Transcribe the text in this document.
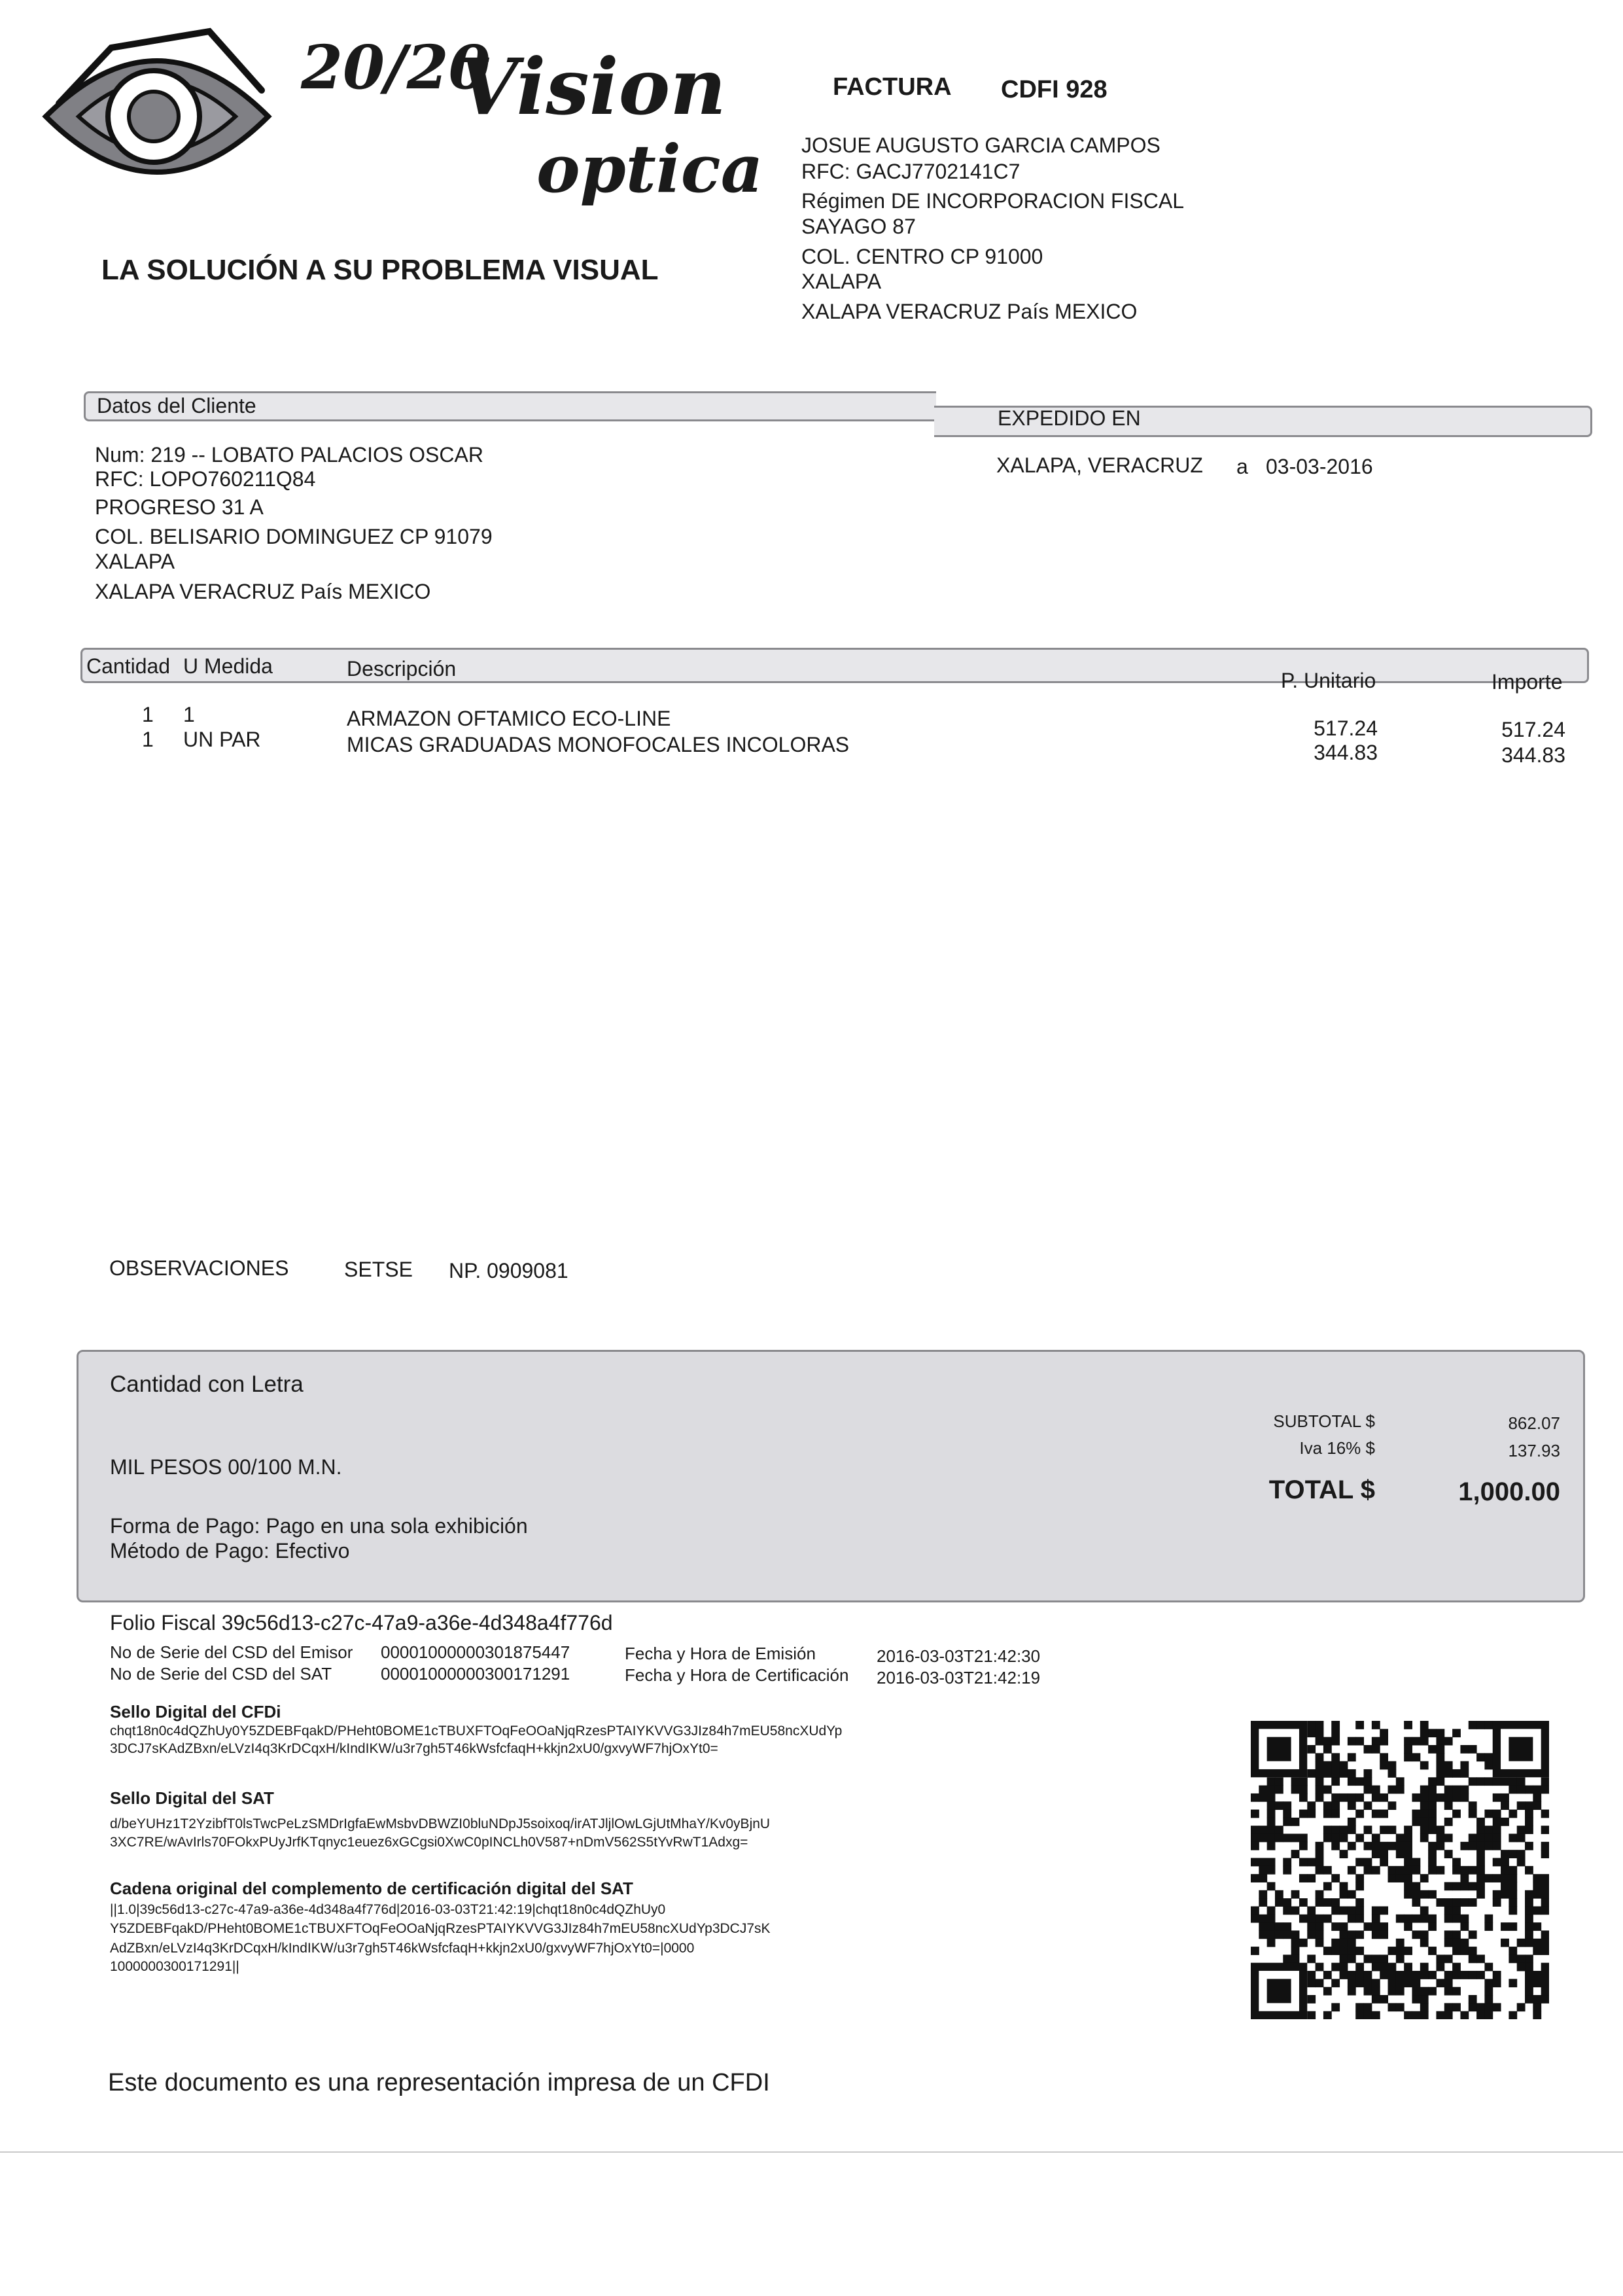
20/20
Vision
optica
LA SOLUCIÓN A SU PROBLEMA VISUAL
FACTURA CDFI 928
JOSUE AUGUSTO GARCIA CAMPOS
RFC: GACJ7702141C7
Régimen DE INCORPORACION FISCAL
SAYAGO 87
COL. CENTRO CP 91000
XALAPA
XALAPA VERACRUZ País MEXICO
Datos del Cliente
EXPEDIDO EN
Num: 219 -- LOBATO PALACIOS OSCAR
RFC: LOPO760211Q84
PROGRESO 31 A
COL. BELISARIO DOMINGUEZ CP 91079
XALAPA
XALAPA VERACRUZ País MEXICO
XALAPA, VERACRUZ a 03-03-2016
Cantidad U Medida	Descripción	P. Unitario	Importe
1 1	ARMAZON OFTAMICO ECO-LINE	517.24	517.24
1 UN PAR	MICAS GRADUADAS MONOFOCALES INCOLORAS	344.83	344.83
OBSERVACIONES	SETSE NP. 0909081
Cantidad con Letra
MIL PESOS 00/100 M.N.
Forma de Pago: Pago en una sola exhibición
Método de Pago: Efectivo
SUBTOTAL $	862.07
Iva 16% $	137.93
TOTAL $	1,000.00
Folio Fiscal 39c56d13-c27c-47a9-a36e-4d348a4f776d
No de Serie del CSD del Emisor 00001000000301875447
No de Serie del CSD del SAT	00001000000300171291
Fecha y Hora de Emisión	2016-03-03T21:42:30
Fecha y Hora de Certificación 2016-03-03T21:42:19
Sello Digital del CFDi
chqt18n0c4dQZhUy0Y5ZDEBFqakD/PHeht0BOME1cTBUXFTOqFeOOaNjqRzesPTAIYKVVG3JIz84h7mEU58ncXUdYp
3DCJ7sKAdZBxn/eLVzI4q3KrDCqxH/kIndIKW/u3r7gh5T46kWsfcfaqH+kkjn2xU0/gxvyWF7hjOxYt0=
Sello Digital del SAT
d/beYUHz1T2YzibfT0lsTwcPeLzSMDrIgfaEwMsbvDBWZI0bluNDpJ5soixoq/irATJljlOwLGjUtMhaY/Kv0yBjnU
3XC7RE/wAvIrls70FOkxPUyJrfKTqnyc1euez6xGCgsi0XwC0pINCLh0V587+nDmV562S5tYvRwT1Adxg=
Cadena original del complemento de certificación digital del SAT
||1.0|39c56d13-c27c-47a9-a36e-4d348a4f776d|2016-03-03T21:42:19|chqt18n0c4dQZhUy0
Y5ZDEBFqakD/PHeht0BOME1cTBUXFTOqFeOOaNjqRzesPTAIYKVVG3JIz84h7mEU58ncXUdYp3DCJ7sK
AdZBxn/eLVzI4q3KrDCqxH/kIndIKW/u3r7gh5T46kWsfcfaqH+kkjn2xU0/gxvyWF7hjOxYt0=|0000
1000000300171291||
Este documento es una representación impresa de un CFDI
